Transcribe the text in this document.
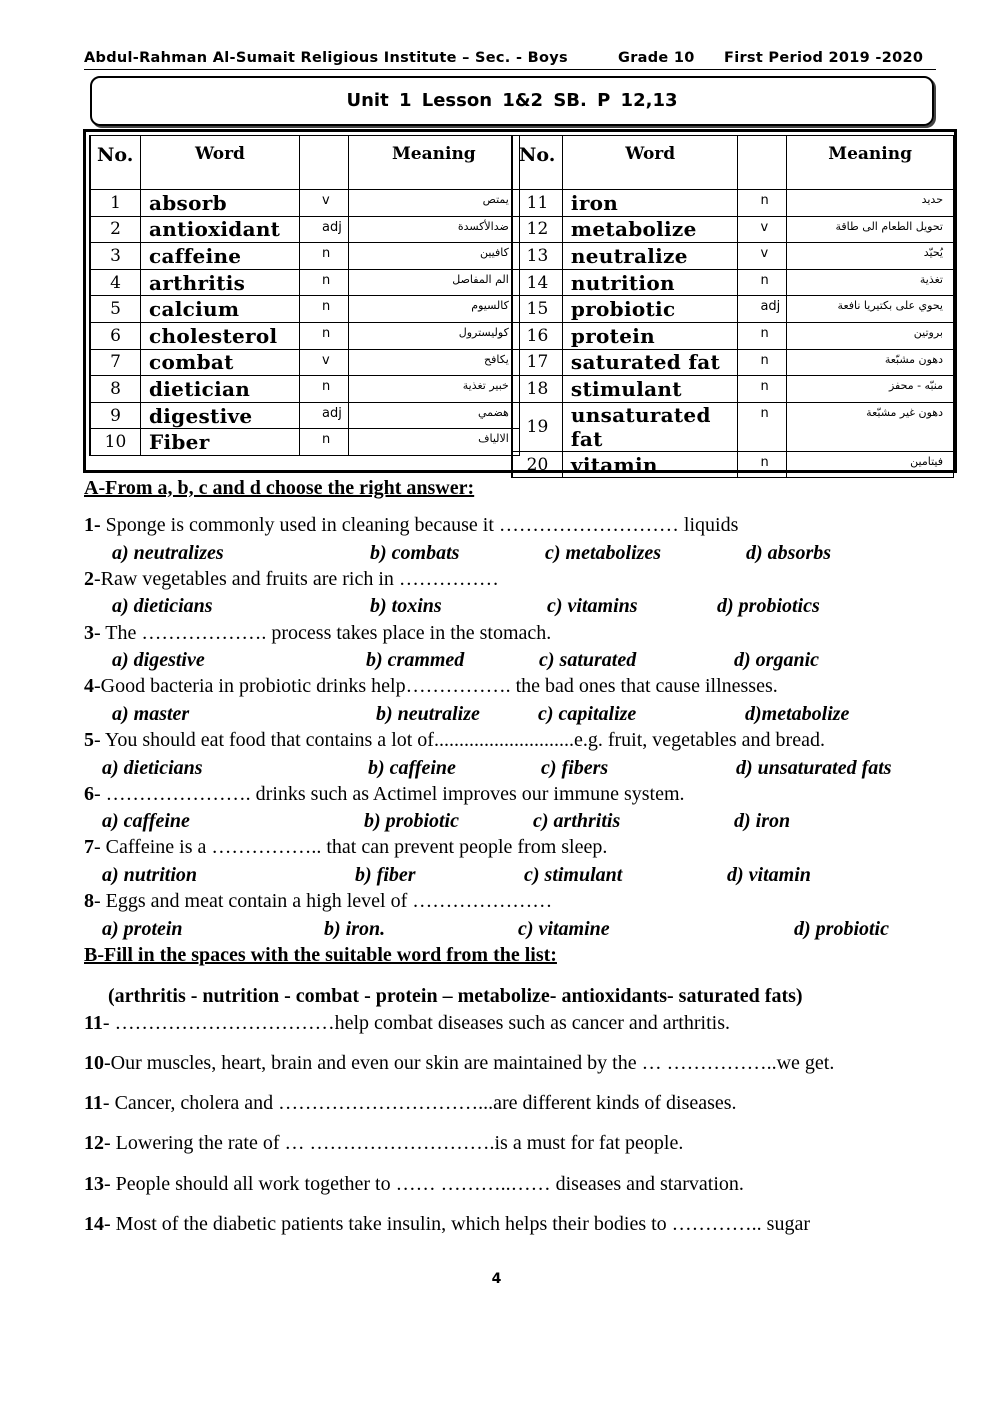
Abdul-Rahman Al-Sumait Religious Institute – Sec. - Boys	Grade 10 First Period 2019 -2020
Unit 1 Lesson 1&2 SB. P 12,13
No.	Word		Meaning
1	absorb	v	يمتص
2	antioxidant	adj	ضدالأكسدة
3	caffeine	n	كافيين
4	arthritis	n	الم المفاصل
5	calcium	n	كالسيوم
6	cholesterol	n	كوليسترول
7	combat	v	يكافح
8	dietician	n	خبير تغذية
9	digestive	adj	هضمي
10	Fiber	n	الالياف
No.	Word		Meaning
11	iron	n	حديد
12	metabolize	v	تحويل الطعام الى طاقة
13	neutralize	v	يُحيّد
14	nutrition	n	تغذية
15	probiotic	adj	يحوي على بكتيريا نافعة
16	protein	n	بروتين
17	saturated fat	n	دهون مشبّعة
18	stimulant	n	منبّه - محفز
19	unsaturated fat	n	دهون غير مشبّعة
20	vitamin	n	فيتامين
A-From a, b, c and d choose the right answer:
1- Sponge is commonly used in cleaning because it ……………………… liquids
a) neutralizes	b) combats	c) metabolizes	d) absorbs
2-Raw vegetables and fruits are rich in ……………
a) dieticians	b) toxins	c) vitamins	d) probiotics
3- The ………………. process takes place in the stomach.
a) digestive	b) crammed	c) saturated	d) organic
4-Good bacteria in probiotic drinks help……………. the bad ones that cause illnesses.
a) master	b) neutralize	c) capitalize	d)metabolize
5- You should eat food that contains a lot of............................e.g. fruit, vegetables and bread.
a) dieticians	b) caffeine	c) fibers	d) unsaturated fats
6- …………………. drinks such as Actimel improves our immune system.
a) caffeine	b) probiotic	c) arthritis	d) iron
7- Caffeine is a …………….. that can prevent people from sleep.
a) nutrition	b) fiber	c) stimulant	d) vitamin
8- Eggs and meat contain a high level of …………………
a) protein	b) iron.	c) vitamine	d) probiotic
B-Fill in the spaces with the suitable word from the list:
(arthritis - nutrition - combat - protein – metabolize- antioxidants- saturated fats)
11- ……………………………help combat diseases such as cancer and arthritis.
10-Our muscles, heart, brain and even our skin are maintained by the … ……………..we get.
11- Cancer, cholera and …………………………...are different kinds of diseases.
12- Lowering the rate of … ……………………….is a must for fat people.
13- People should all work together to …… ………..…… diseases and starvation.
14- Most of the diabetic patients take insulin, which helps their bodies to ………….. sugar
4
